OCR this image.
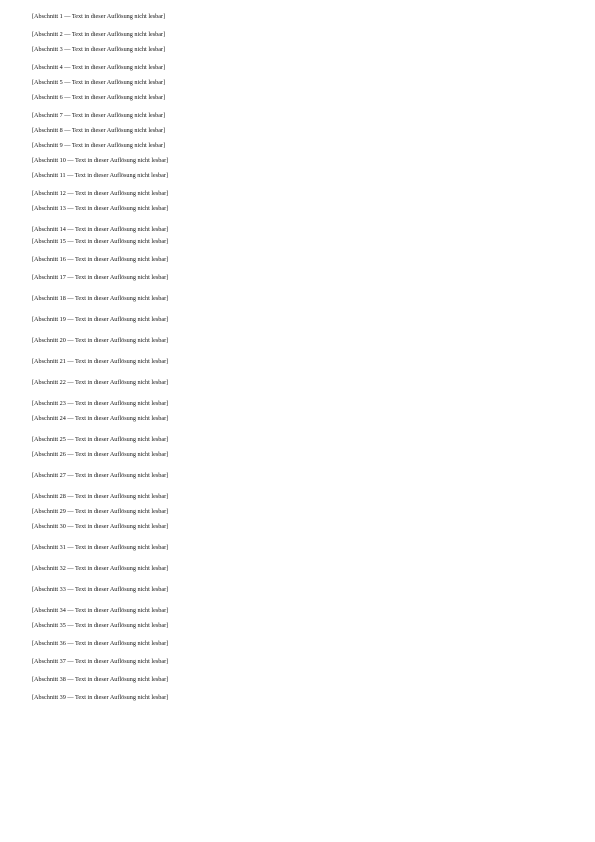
[Abschnitt 1 — Text in dieser Auflösung nicht lesbar]

[Abschnitt 2 — Text in dieser Auflösung nicht lesbar]

[Abschnitt 3 — Text in dieser Auflösung nicht lesbar]

[Abschnitt 4 — Text in dieser Auflösung nicht lesbar]

[Abschnitt 5 — Text in dieser Auflösung nicht lesbar]

[Abschnitt 6 — Text in dieser Auflösung nicht lesbar]

[Abschnitt 7 — Text in dieser Auflösung nicht lesbar]

[Abschnitt 8 — Text in dieser Auflösung nicht lesbar]

[Abschnitt 9 — Text in dieser Auflösung nicht lesbar]

[Abschnitt 10 — Text in dieser Auflösung nicht lesbar]

[Abschnitt 11 — Text in dieser Auflösung nicht lesbar]

[Abschnitt 12 — Text in dieser Auflösung nicht lesbar]

[Abschnitt 13 — Text in dieser Auflösung nicht lesbar]

[Abschnitt 14 — Text in dieser Auflösung nicht lesbar]

[Abschnitt 15 — Text in dieser Auflösung nicht lesbar]

[Abschnitt 16 — Text in dieser Auflösung nicht lesbar]

[Abschnitt 17 — Text in dieser Auflösung nicht lesbar]

[Abschnitt 18 — Text in dieser Auflösung nicht lesbar]

[Abschnitt 19 — Text in dieser Auflösung nicht lesbar]

[Abschnitt 20 — Text in dieser Auflösung nicht lesbar]

[Abschnitt 21 — Text in dieser Auflösung nicht lesbar]

[Abschnitt 22 — Text in dieser Auflösung nicht lesbar]

[Abschnitt 23 — Text in dieser Auflösung nicht lesbar]

[Abschnitt 24 — Text in dieser Auflösung nicht lesbar]

[Abschnitt 25 — Text in dieser Auflösung nicht lesbar]

[Abschnitt 26 — Text in dieser Auflösung nicht lesbar]

[Abschnitt 27 — Text in dieser Auflösung nicht lesbar]

[Abschnitt 28 — Text in dieser Auflösung nicht lesbar]

[Abschnitt 29 — Text in dieser Auflösung nicht lesbar]

[Abschnitt 30 — Text in dieser Auflösung nicht lesbar]

[Abschnitt 31 — Text in dieser Auflösung nicht lesbar]

[Abschnitt 32 — Text in dieser Auflösung nicht lesbar]

[Abschnitt 33 — Text in dieser Auflösung nicht lesbar]

[Abschnitt 34 — Text in dieser Auflösung nicht lesbar]

[Abschnitt 35 — Text in dieser Auflösung nicht lesbar]

[Abschnitt 36 — Text in dieser Auflösung nicht lesbar]

[Abschnitt 37 — Text in dieser Auflösung nicht lesbar]

[Abschnitt 38 — Text in dieser Auflösung nicht lesbar]

[Abschnitt 39 — Text in dieser Auflösung nicht lesbar]
